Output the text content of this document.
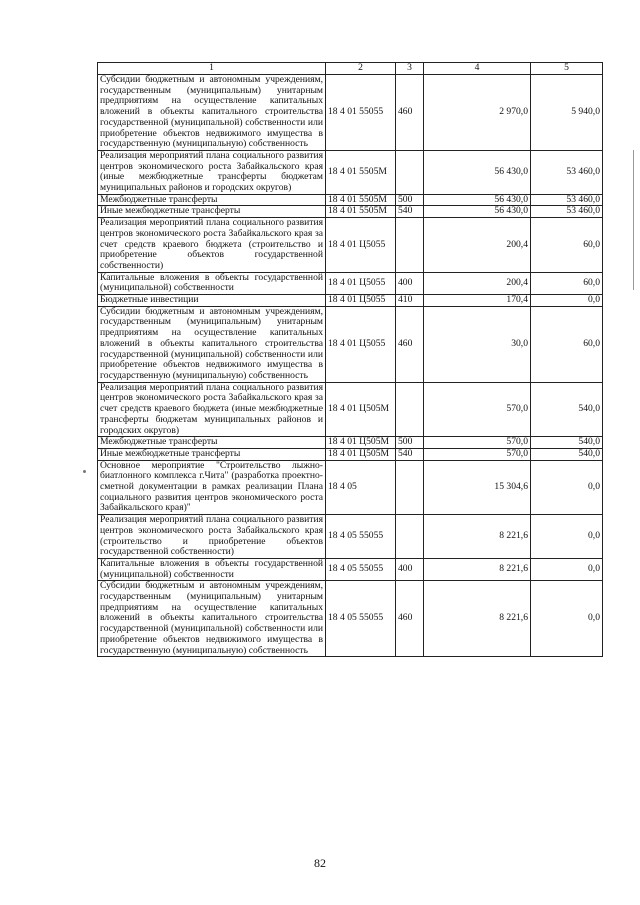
1	2	3	4	5
Субсидии бюджетным и автономным учреждениям, государственным (муниципальным) унитарным предприятиям на осуществление капитальных вложений в объекты капитального строительства государственной (муниципальной) собственности или приобретение объектов недвижимого имущества в государственную (муниципальную) собственность	18 4 01 55055	460	2 970,0	5 940,0
Реализация мероприятий плана социального развития центров экономического роста Забайкальского края (иные межбюджетные трансферты бюджетам муниципальных районов и городских округов)	18 4 01 5505М		56 430,0	53 460,0
Межбюджетные трансферты	18 4 01 5505М	500	56 430,0	53 460,0
Иные межбюджетные трансферты	18 4 01 5505М	540	56 430,0	53 460,0
Реализация мероприятий плана социального развития центров экономического роста Забайкальского края за счет средств краевого бюджета (строительство и приобретение объектов государственной собственности)	18 4 01 Ц5055		200,4	60,0
Капитальные вложения в объекты государственной (муниципальной) собственности	18 4 01 Ц5055	400	200,4	60,0
Бюджетные инвестиции	18 4 01 Ц5055	410	170,4	0,0
Субсидии бюджетным и автономным учреждениям, государственным (муниципальным) унитарным предприятиям на осуществление капитальных вложений в объекты капитального строительства государственной (муниципальной) собственности или приобретение объектов недвижимого имущества в государственную (муниципальную) собственность	18 4 01 Ц5055	460	30,0	60,0
Реализация мероприятий плана социального развития центров экономического роста Забайкальского края за счет средств краевого бюджета (иные межбюджетные трансферты бюджетам муниципальных районов и городских округов)	18 4 01 Ц505М		570,0	540,0
Межбюджетные трансферты	18 4 01 Ц505М	500	570,0	540,0
Иные межбюджетные трансферты	18 4 01 Ц505М	540	570,0	540,0
Основное мероприятие "Строительство лыжно-биатлонного комплекса г.Чита" (разработка проектно-сметной документации в рамках реализации Плана социального развития центров экономического роста Забайкальского края)"	18 4 05		15 304,6	0,0
Реализация мероприятий плана социального развития центров экономического роста Забайкальского края (строительство и приобретение объектов государственной собственности)	18 4 05 55055		8 221,6	0,0
Капитальные вложения в объекты государственной (муниципальной) собственности	18 4 05 55055	400	8 221,6	0,0
Субсидии бюджетным и автономным учреждениям, государственным (муниципальным) унитарным предприятиям на осуществление капитальных вложений в объекты капитального строительства государственной (муниципальной) собственности или приобретение объектов недвижимого имущества в государственную (муниципальную) собственность	18 4 05 55055	460	8 221,6	0,0
82
